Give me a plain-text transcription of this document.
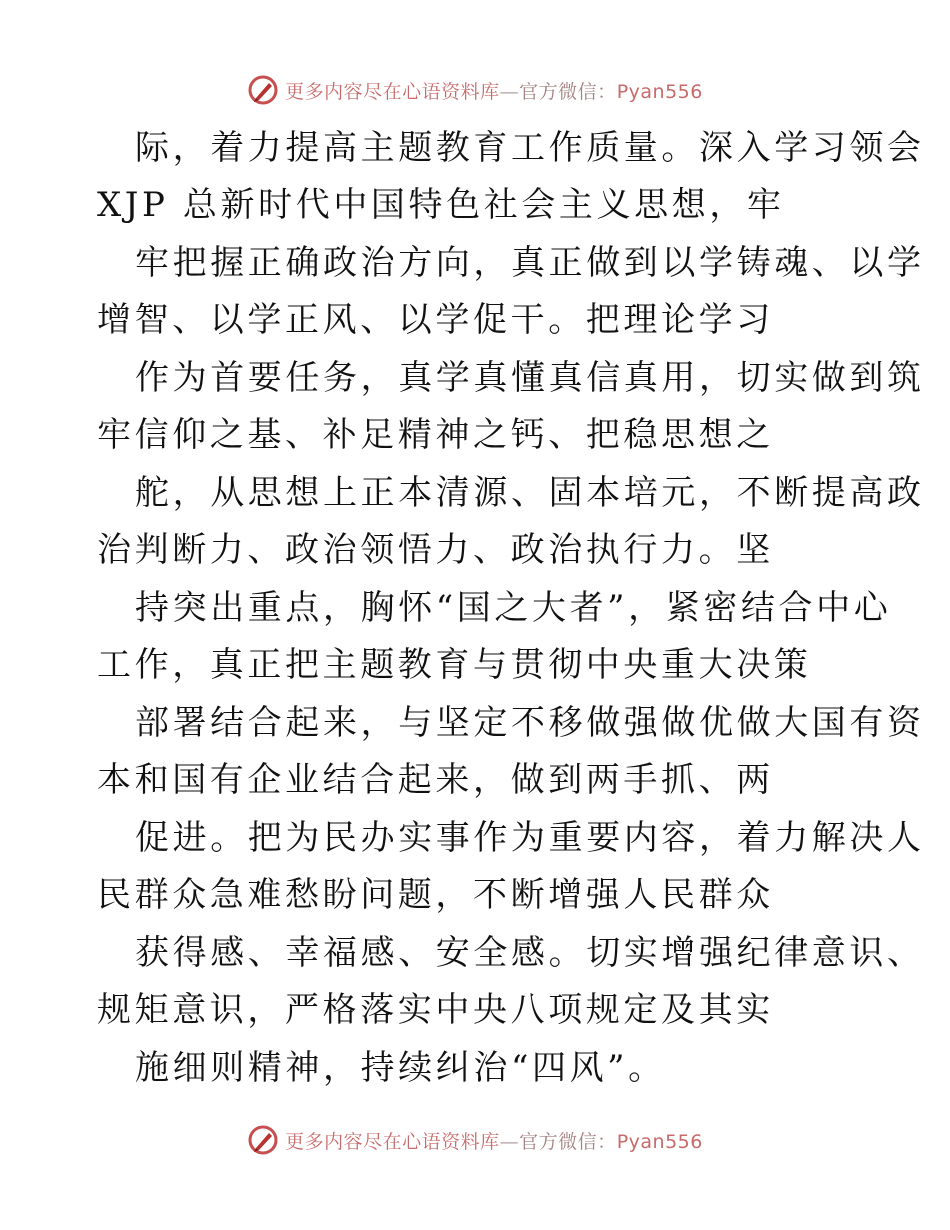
更多内容尽在心语资料库—官方微信：Pyan556
际，着力提高主题教育工作质量。深入学习领会
XJP 总新时代中国特色社会主义思想，牢
牢把握正确政治方向，真正做到以学铸魂、以学
增智、以学正风、以学促干。把理论学习
作为首要任务，真学真懂真信真用，切实做到筑
牢信仰之基、补足精神之钙、把稳思想之
舵，从思想上正本清源、固本培元，不断提高政
治判断力、政治领悟力、政治执行力。坚
持突出重点，胸怀“国之大者”，紧密结合中心
工作，真正把主题教育与贯彻中央重大决策
部署结合起来，与坚定不移做强做优做大国有资
本和国有企业结合起来，做到两手抓、两
促进。把为民办实事作为重要内容，着力解决人
民群众急难愁盼问题，不断增强人民群众
获得感、幸福感、安全感。切实增强纪律意识、
规矩意识，严格落实中央八项规定及其实
施细则精神，持续纠治“四风”。
更多内容尽在心语资料库—官方微信：Pyan556
